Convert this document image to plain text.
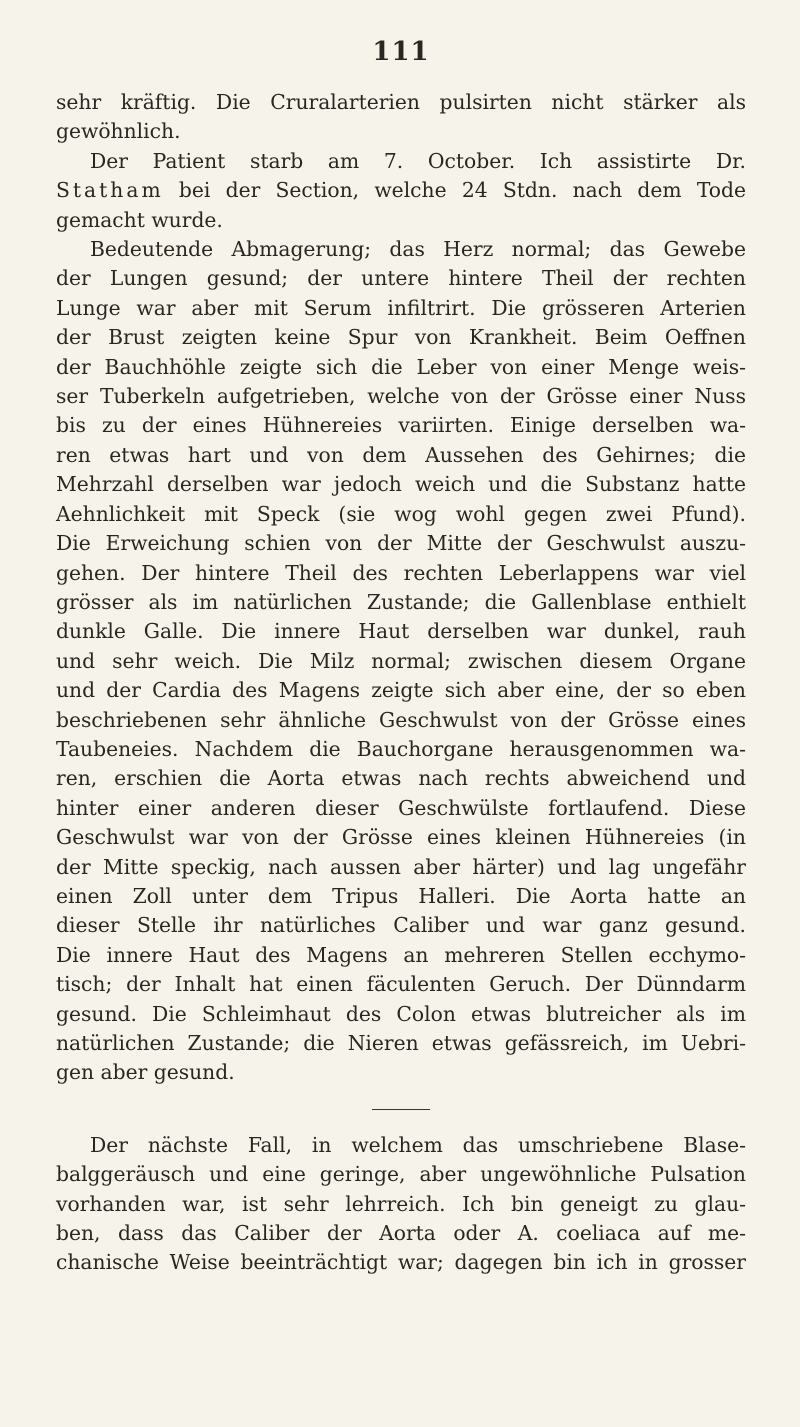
111
sehr kräftig. Die Cruralarterien pulsirten nicht stärker als
gewöhnlich.
Der Patient starb am 7. October. Ich assistirte Dr.
Statham bei der Section, welche 24 Stdn. nach dem Tode
gemacht wurde.
Bedeutende Abmagerung; das Herz normal; das Gewebe
der Lungen gesund; der untere hintere Theil der rechten
Lunge war aber mit Serum infiltrirt. Die grösseren Arterien
der Brust zeigten keine Spur von Krankheit. Beim Oeffnen
der Bauchhöhle zeigte sich die Leber von einer Menge weis-
ser Tuberkeln aufgetrieben, welche von der Grösse einer Nuss
bis zu der eines Hühnereies variirten. Einige derselben wa-
ren etwas hart und von dem Aussehen des Gehirnes; die
Mehrzahl derselben war jedoch weich und die Substanz hatte
Aehnlichkeit mit Speck (sie wog wohl gegen zwei Pfund).
Die Erweichung schien von der Mitte der Geschwulst auszu-
gehen. Der hintere Theil des rechten Leberlappens war viel
grösser als im natürlichen Zustande; die Gallenblase enthielt
dunkle Galle. Die innere Haut derselben war dunkel, rauh
und sehr weich. Die Milz normal; zwischen diesem Organe
und der Cardia des Magens zeigte sich aber eine, der so eben
beschriebenen sehr ähnliche Geschwulst von der Grösse eines
Taubeneies. Nachdem die Bauchorgane herausgenommen wa-
ren, erschien die Aorta etwas nach rechts abweichend und
hinter einer anderen dieser Geschwülste fortlaufend. Diese
Geschwulst war von der Grösse eines kleinen Hühnereies (in
der Mitte speckig, nach aussen aber härter) und lag ungefähr
einen Zoll unter dem Tripus Halleri. Die Aorta hatte an
dieser Stelle ihr natürliches Caliber und war ganz gesund.
Die innere Haut des Magens an mehreren Stellen ecchymo-
tisch; der Inhalt hat einen fäculenten Geruch. Der Dünndarm
gesund. Die Schleimhaut des Colon etwas blutreicher als im
natürlichen Zustande; die Nieren etwas gefässreich, im Uebri-
gen aber gesund.
Der nächste Fall, in welchem das umschriebene Blase-
balggeräusch und eine geringe, aber ungewöhnliche Pulsation
vorhanden war, ist sehr lehrreich. Ich bin geneigt zu glau-
ben, dass das Caliber der Aorta oder A. coeliaca auf me-
chanische Weise beeinträchtigt war; dagegen bin ich in grosser
